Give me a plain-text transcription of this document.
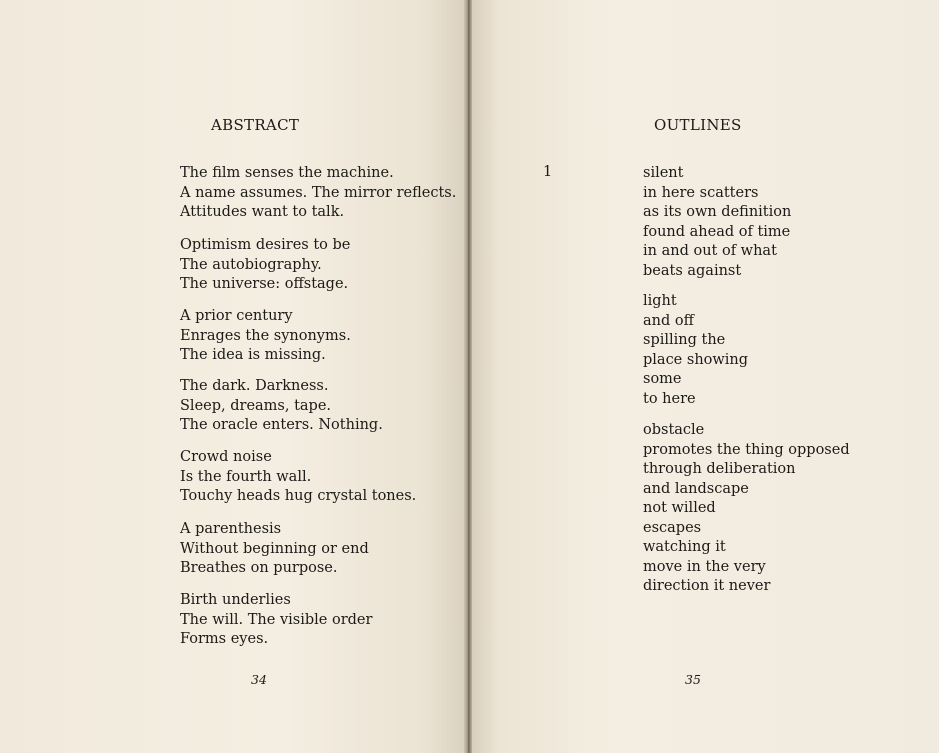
ABSTRACT
The film senses the machine.
A name assumes. The mirror reflects.
Attitudes want to talk.
Optimism desires to be
The autobiography.
The universe: offstage.
A prior century
Enrages the synonyms.
The idea is missing.
The dark. Darkness.
Sleep, dreams, tape.
The oracle enters. Nothing.
Crowd noise
Is the fourth wall.
Touchy heads hug crystal tones.
A parenthesis
Without beginning or end
Breathes on purpose.
Birth underlies
The will. The visible order
Forms eyes.
34
OUTLINES
1	silent
in here scatters
as its own definition
found ahead of time
in and out of what
beats against
light
and off
spilling the
place showing
some
to here
obstacle
promotes the thing opposed
through deliberation
and landscape
not willed
escapes
watching it
move in the very
direction it never
35
